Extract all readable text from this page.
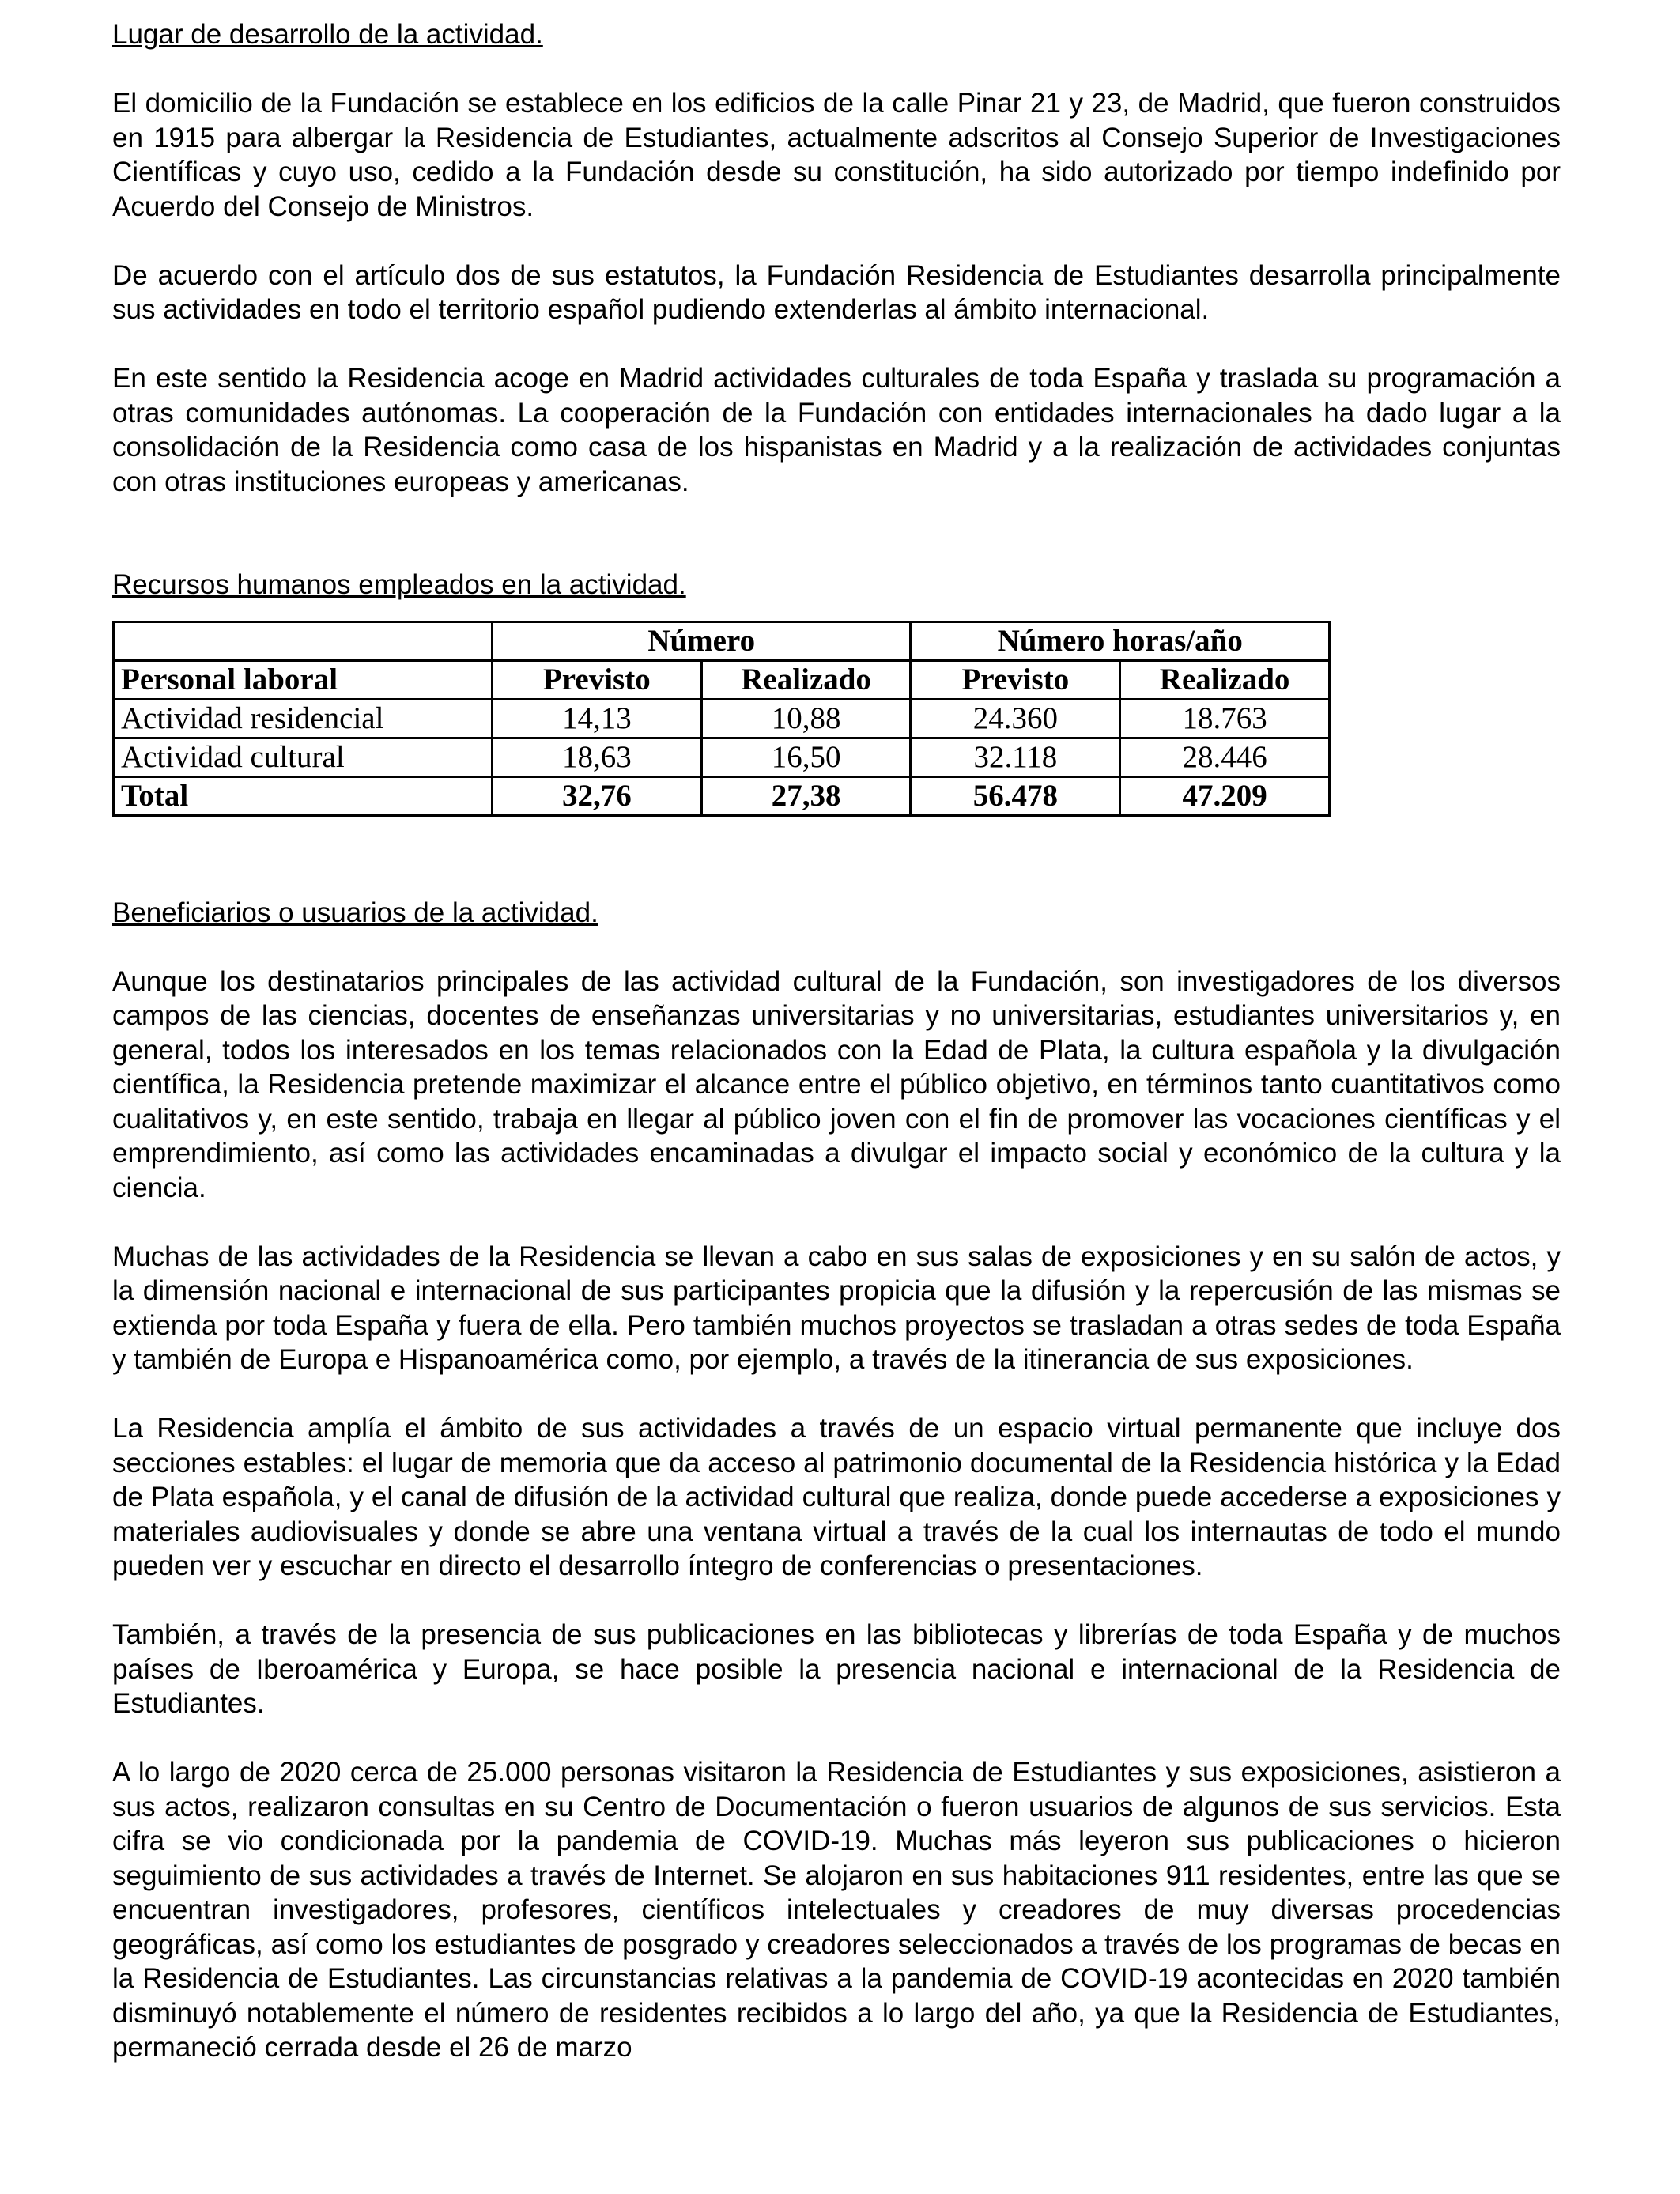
Lugar de desarrollo de la actividad.

El domicilio de la Fundación se establece en los edificios de la calle Pinar 21 y 23, de Madrid, que fueron construidos en 1915 para albergar la Residencia de Estudiantes, actualmente adscritos al Consejo Superior de Investigaciones Científicas y cuyo uso, cedido a la Fundación desde su constitución, ha sido autorizado por tiempo indefinido por Acuerdo del Consejo de Ministros.

De acuerdo con el artículo dos de sus estatutos, la Fundación Residencia de Estudiantes desarrolla principalmente sus actividades en todo el territorio español pudiendo extenderlas al ámbito internacional.

En este sentido la Residencia acoge en Madrid actividades culturales de toda España y traslada su programación a otras comunidades autónomas. La cooperación de la Fundación con entidades internacionales ha dado lugar a la consolidación de la Residencia como casa de los hispanistas en Madrid y a la realización de actividades conjuntas con otras instituciones europeas y americanas.

Recursos humanos empleados en la actividad.

	Número		Número horas/año	
Personal laboral	Previsto	Realizado	Previsto	Realizado
Actividad residencial	14,13	10,88	24.360	18.763
Actividad cultural	18,63	16,50	32.118	28.446
Total	32,76	27,38	56.478	47.209

Beneficiarios o usuarios de la actividad.

Aunque los destinatarios principales de las actividad cultural de la Fundación, son investigadores de los diversos campos de las ciencias, docentes de enseñanzas universitarias y no universitarias, estudiantes universitarios y, en general, todos los interesados en los temas relacionados con la Edad de Plata, la cultura española y la divulgación científica, la Residencia pretende maximizar el alcance entre el público objetivo, en términos tanto cuantitativos como cualitativos y, en este sentido, trabaja en llegar al público joven con el fin de promover las vocaciones científicas y el emprendimiento, así como las actividades encaminadas a divulgar el impacto social y económico de la cultura y la ciencia.

Muchas de las actividades de la Residencia se llevan a cabo en sus salas de exposiciones y en su salón de actos, y la dimensión nacional e internacional de sus participantes propicia que la difusión y la repercusión de las mismas se extienda por toda España y fuera de ella. Pero también muchos proyectos se trasladan a otras sedes de toda España y también de Europa e Hispanoamérica como, por ejemplo, a través de la itinerancia de sus exposiciones.

La Residencia amplía el ámbito de sus actividades a través de un espacio virtual permanente que incluye dos secciones estables: el lugar de memoria que da acceso al patrimonio documental de la Residencia histórica y la Edad de Plata española, y el canal de difusión de la actividad cultural que realiza, donde puede accederse a exposiciones y materiales audiovisuales y donde se abre una ventana virtual a través de la cual los internautas de todo el mundo pueden ver y escuchar en directo el desarrollo íntegro de conferencias o presentaciones.

También, a través de la presencia de sus publicaciones en las bibliotecas y librerías de toda España y de muchos países de Iberoamérica y Europa, se hace posible la presencia nacional e internacional de la Residencia de Estudiantes.

A lo largo de 2020 cerca de 25.000 personas visitaron la Residencia de Estudiantes y sus exposiciones, asistieron a sus actos, realizaron consultas en su Centro de Documentación o fueron usuarios de algunos de sus servicios. Esta cifra se vio condicionada por la pandemia de COVID-19. Muchas más leyeron sus publicaciones o hicieron seguimiento de sus actividades a través de Internet. Se alojaron en sus habitaciones 911 residentes, entre las que se encuentran investigadores, profesores, científicos intelectuales y creadores de muy diversas procedencias geográficas, así como los estudiantes de posgrado y creadores seleccionados a través de los programas de becas en la Residencia de Estudiantes. Las circunstancias relativas a la pandemia de COVID-19 acontecidas en 2020 también disminuyó notablemente el número de residentes recibidos a lo largo del año, ya que la Residencia de Estudiantes, permaneció cerrada desde el 26 de marzo
